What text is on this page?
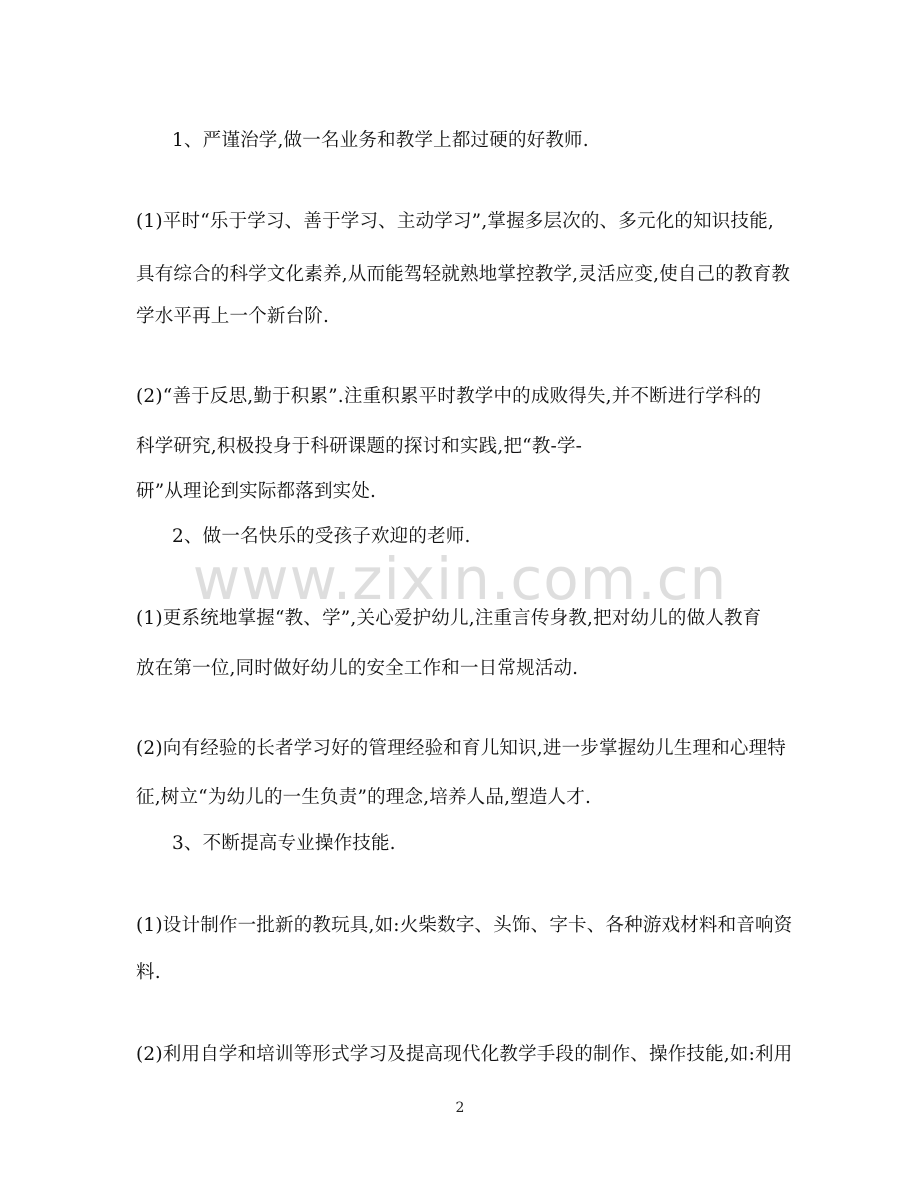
1、严谨治学,做一名业务和教学上都过硬的好教师.
(1)平时“乐于学习、善于学习、主动学习”,掌握多层次的、多元化的知识技能,
具有综合的科学文化素养,从而能驾轻就熟地掌控教学,灵活应变,使自己的教育教
学水平再上一个新台阶.
(2)“善于反思,勤于积累”.注重积累平时教学中的成败得失,并不断进行学科的
科学研究,积极投身于科研课题的探讨和实践,把“教-学-
研”从理论到实际都落到实处.
2、做一名快乐的受孩子欢迎的老师.
(1)更系统地掌握“教、学”,关心爱护幼儿,注重言传身教,把对幼儿的做人教育
放在第一位,同时做好幼儿的安全工作和一日常规活动.
(2)向有经验的长者学习好的管理经验和育儿知识,进一步掌握幼儿生理和心理特
征,树立“为幼儿的一生负责”的理念,培养人品,塑造人才.
3、不断提高专业操作技能.
(1)设计制作一批新的教玩具,如:火柴数字、头饰、字卡、各种游戏材料和音响资
料.
(2)利用自学和培训等形式学习及提高现代化教学手段的制作、操作技能,如:利用
www.zixin.com.cn
2
